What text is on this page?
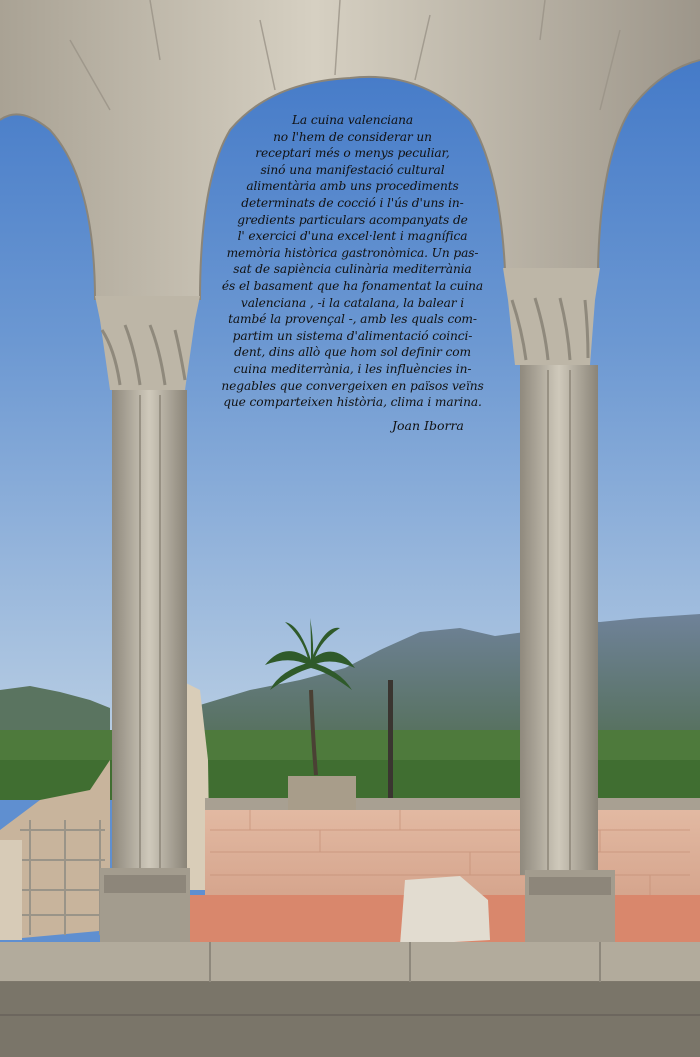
La cuina valenciana
no l'hem de considerar un
receptari més o menys peculiar,
sinó una manifestació cultural
alimentària amb uns procediments
determinats de cocció i l'ús d'uns in-
gredients particulars acompanyats de
l' exercici d'una excel·lent i magnífica
memòria històrica gastronòmica. Un pas-
sat de sapiència culinària mediterrània
és el basament que ha fonamentat la cuina
valenciana , -i la catalana, la balear i
també la provençal -, amb les quals com-
partim un sistema d'alimentació coinci-
dent, dins allò que hom sol definir com
cuina mediterrània, i les influències in-
negables que convergeixen en països veïns
que comparteixen història, clima i marina.
Joan Iborra
